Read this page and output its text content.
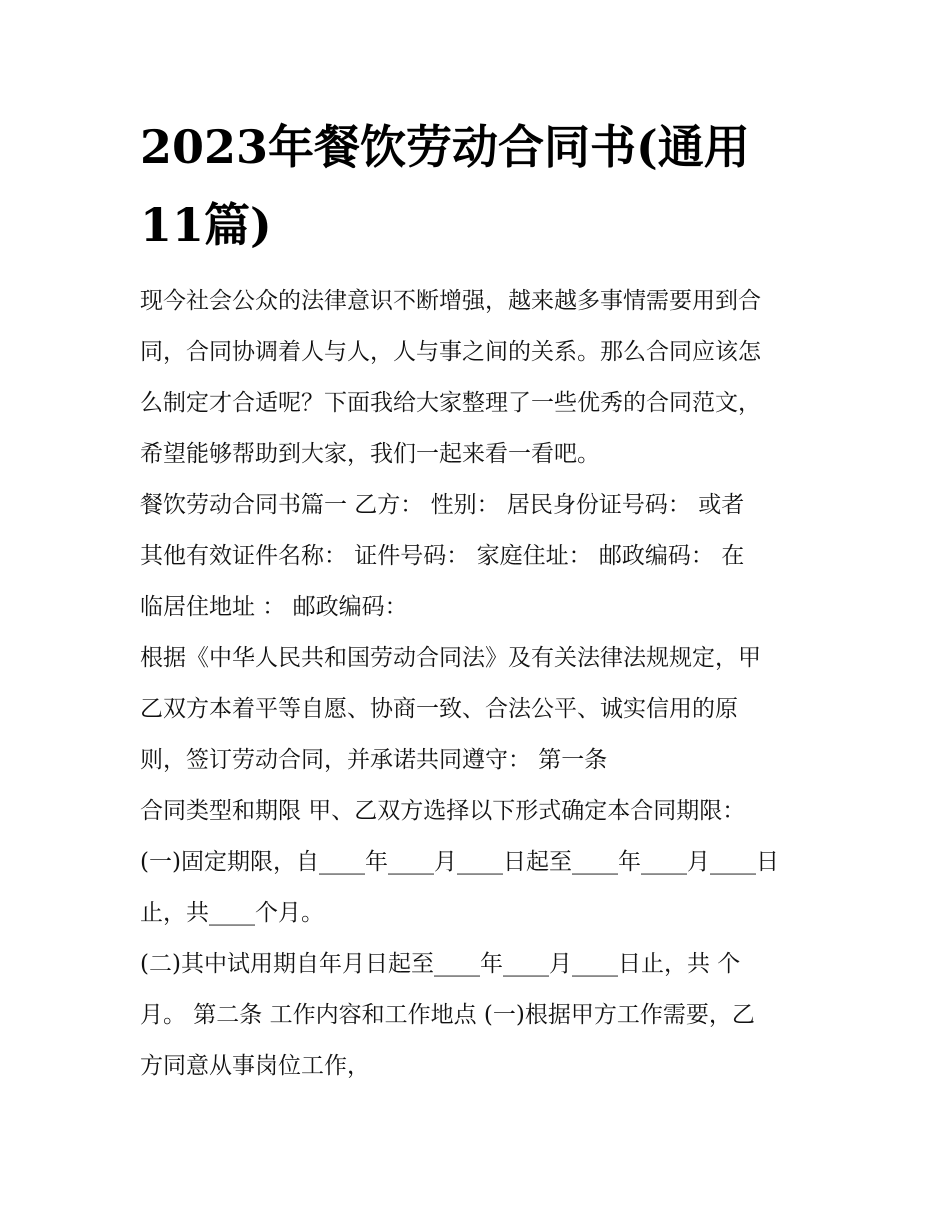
2023年餐饮劳动合同书(通用
11篇)
现今社会公众的法律意识不断增强，越来越多事情需要用到合
同，合同协调着人与人，人与事之间的关系。那么合同应该怎
么制定才合适呢？下面我给大家整理了一些优秀的合同范文，
希望能够帮助到大家，我们一起来看一看吧。
餐饮劳动合同书篇一 乙方： 性别： 居民身份证号码： 或者
其他有效证件名称： 证件号码： 家庭住址： 邮政编码： 在
临居住地址 ： 邮政编码：
根据《中华人民共和国劳动合同法》及有关法律法规规定，甲
乙双方本着平等自愿、协商一致、合法公平、诚实信用的原
则，签订劳动合同，并承诺共同遵守： 第一条
合同类型和期限 甲、乙双方选择以下形式确定本合同期限：
(一)固定期限，自____年____月____日起至____年____月____日
止，共____个月。
(二)其中试用期自年月日起至____年____月____日止，共 个
月。 第二条 工作内容和工作地点 (一)根据甲方工作需要，乙
方同意从事岗位工作，
